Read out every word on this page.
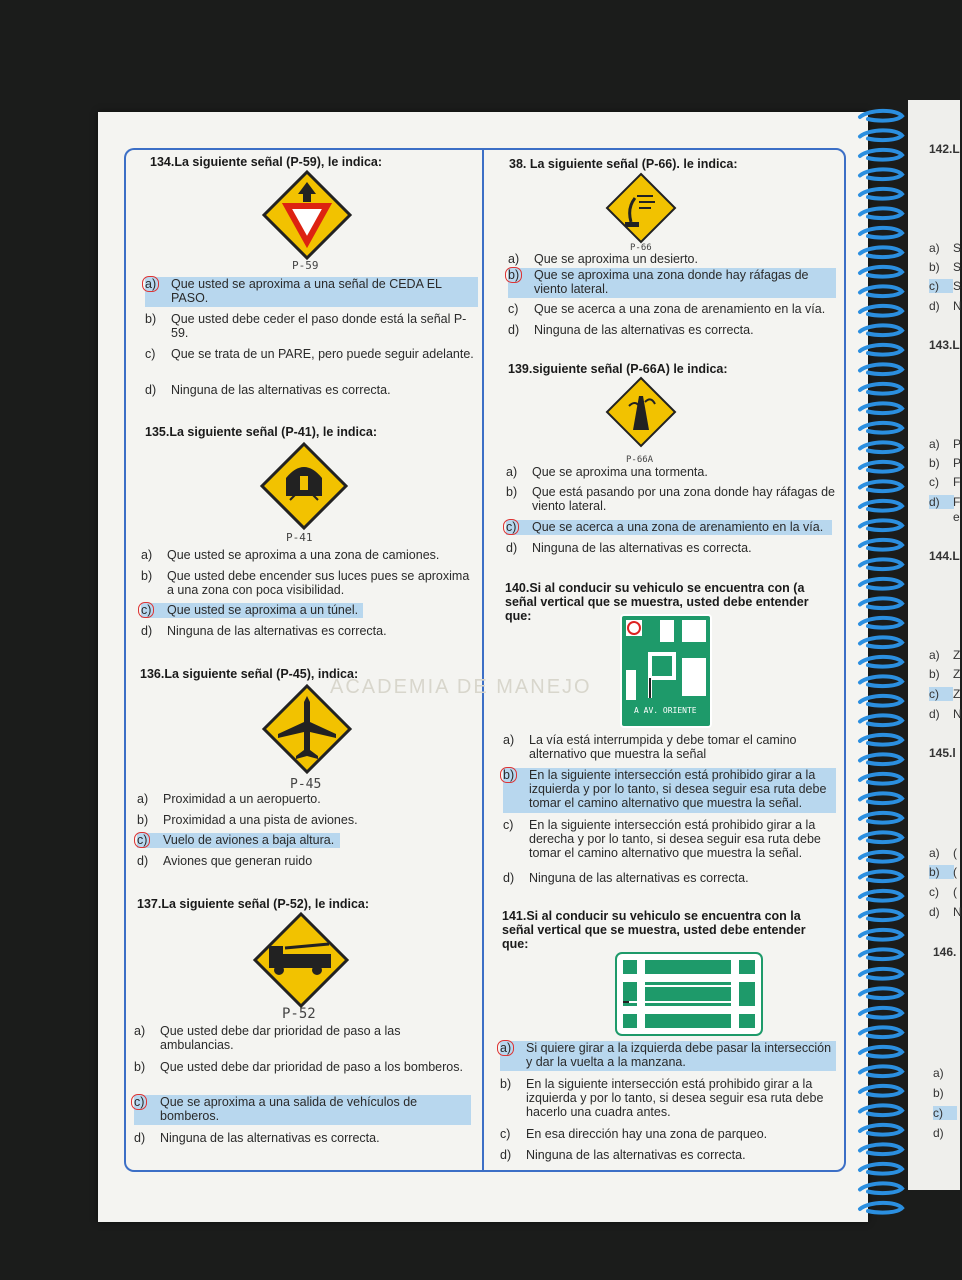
ACADEMIA DE MANEJO
134.La siguiente señal (P-59), le indica:
P-59
a) Que usted se aproxima a una señal de CEDA EL PASO.
b) Que usted debe ceder el paso donde está la señal P-59.
c) Que se trata de un PARE, pero puede seguir adelante.
d) Ninguna de las alternativas es correcta.
135.La siguiente señal (P-41), le indica:
P-41
a) Que usted se aproxima a una zona de camiones.
b) Que usted debe encender sus luces pues se aproxima a una zona con poca visibilidad.
c) Que usted se aproxima a un túnel.
d) Ninguna de las alternativas es correcta.
136.La siguiente señal (P-45), indica:
P-45
a) Proximidad a un aeropuerto.
b) Proximidad a una pista de aviones.
c) Vuelo de aviones a baja altura.
d) Aviones que generan ruido
137.La siguiente señal (P-52), le indica:
P-52
a) Que usted debe dar prioridad de paso a las ambulancias.
b) Que usted debe dar prioridad de paso a los bomberos.
c) Que se aproxima a una salida de vehículos de bomberos.
d) Ninguna de las alternativas es correcta.
38. La siguiente señal (P-66). le indica:
P-66
a) Que se aproxima un desierto.
b) Que se aproxima una zona donde hay ráfagas de viento lateral.
c) Que se acerca a una zona de arenamiento en la vía.
d) Ninguna de las alternativas es correcta.
139.siguiente señal (P-66A) le indica:
P-66A
a) Que se aproxima una tormenta.
b) Que está pasando por una zona donde hay ráfagas de viento lateral.
c) Que se acerca a una zona de arenamiento en la vía.
d) Ninguna de las alternativas es correcta.
140.Si al conducir su vehiculo se encuentra con (a señal vertical que se muestra, usted debe entender que:
A AV. ORIENTE
a) La vía está interrumpida y debe tomar el camino alternativo que muestra la señal
b) En la siguiente intersección está prohibido girar a la izquierda y por lo tanto, si desea seguir esa ruta debe tomar el camino alternativo que muestra la señal.
c) En la siguiente intersección está prohibido girar a la derecha y por lo tanto, si desea seguir esa ruta debe tomar el camino alternativo que muestra la señal.
d) Ninguna de las alternativas es correcta.
141.Si al conducir su vehiculo se encuentra con la señal vertical que se muestra, usted debe entender que:
a) Si quiere girar a la izquierda debe pasar la intersección y dar la vuelta a la manzana.
b) En la siguiente intersección está prohibido girar a la izquierda y por lo tanto, si desea seguir esa ruta debe hacerlo una cuadra antes.
c) En esa dirección hay una zona de parqueo.
d) Ninguna de las alternativas es correcta.
142.L
a) S
b) S
c)	S
d) N
143.L
a) P
b) P
c) F
d)	F
e
144.L
a) Z
b) Z
c)	Z
d) N
145.l
a) (
b)	(
c) (
d) N
146.
a)
b)
c)
d)
